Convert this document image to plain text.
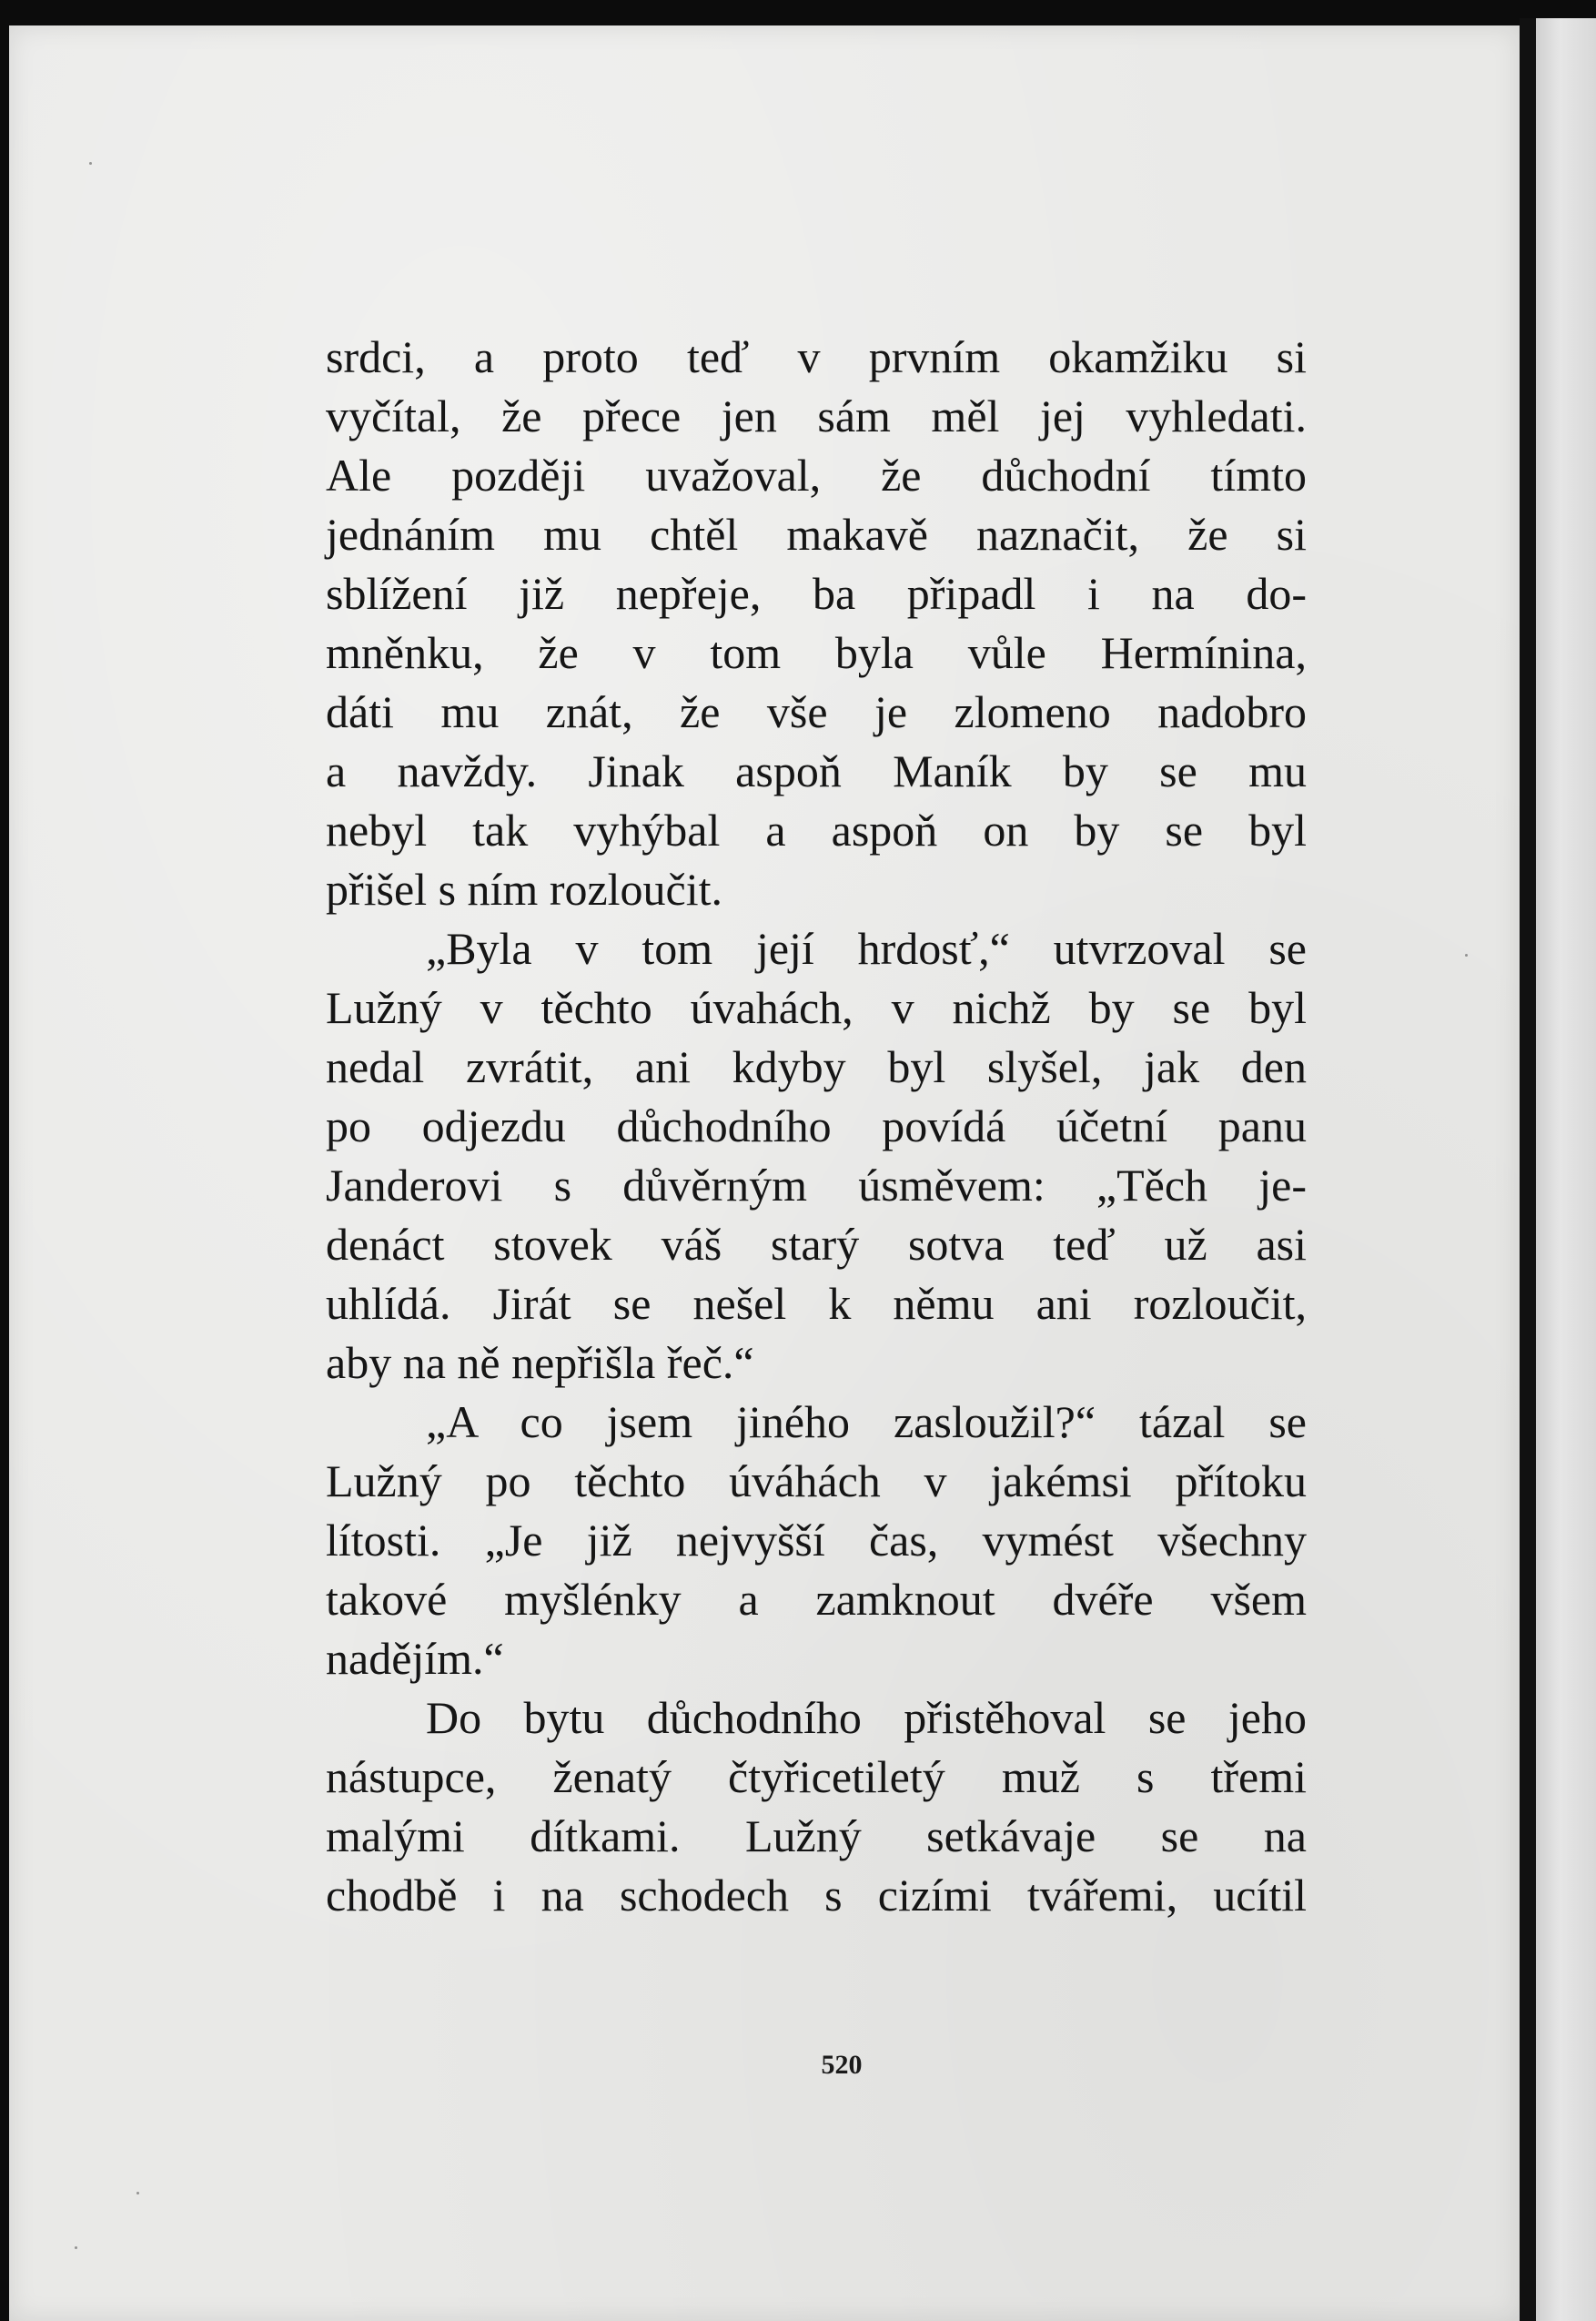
srdci, a proto teď v prvním okamžiku si
vyčítal, že přece jen sám měl jej vyhledati.
Ale později uvažoval, že důchodní tímto
jednáním mu chtěl makavě naznačit, že si
sblížení již nepřeje, ba připadl i na do-
mněnku, že v tom byla vůle Hermínina,
dáti mu znát, že vše je zlomeno nadobro
a navždy. Jinak aspoň Maník by se mu
nebyl tak vyhýbal a aspoň on by se byl
přišel s ním rozloučit.
„Byla v tom její hrdosť,“ utvrzoval se
Lužný v těchto úvahách, v nichž by se byl
nedal zvrátit, ani kdyby byl slyšel, jak den
po odjezdu důchodního povídá účetní panu
Janderovi s důvěrným úsměvem: „Těch je-
denáct stovek váš starý sotva teď už asi
uhlídá. Jirát se nešel k němu ani rozloučit,
aby na ně nepřišla řeč.“
„A co jsem jiného zasloužil?“ tázal se
Lužný po těchto úváhách v jakémsi přítoku
lítosti. „Je již nejvyšší čas, vymést všechny
takové myšlénky a zamknout dvéře všem
nadějím.“
Do bytu důchodního přistěhoval se jeho
nástupce, ženatý čtyřicetiletý muž s třemi
malými dítkami. Lužný setkávaje se na
chodbě i na schodech s cizími tvářemi, ucítil
520
